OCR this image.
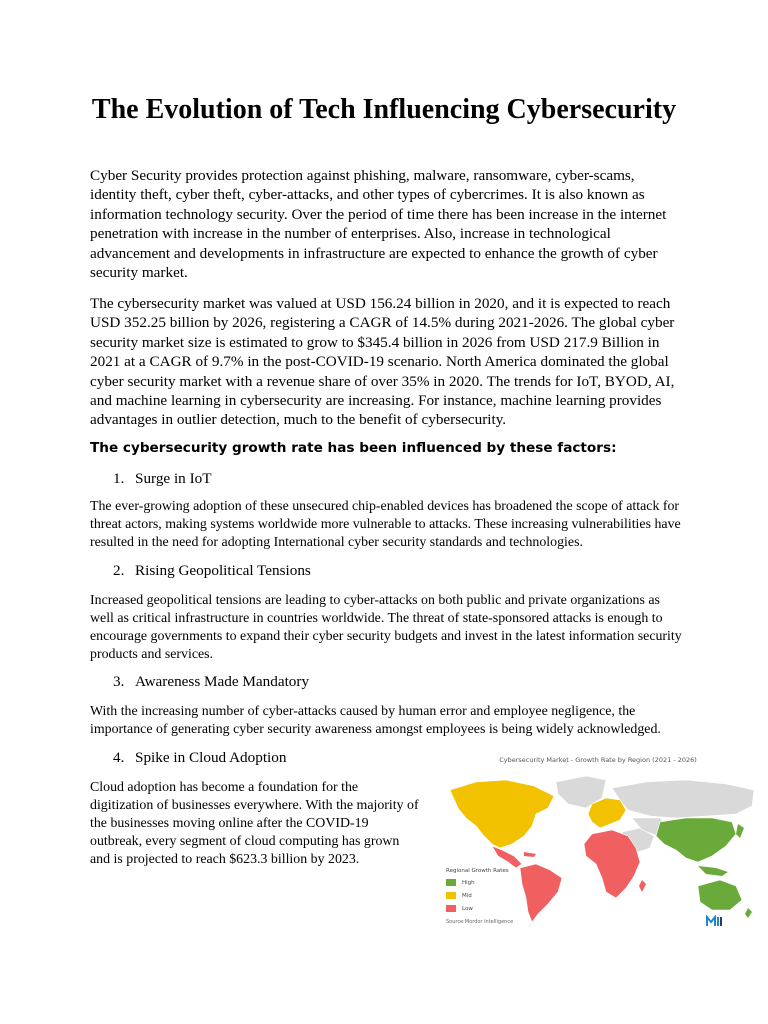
The Evolution of Tech Influencing Cybersecurity

Cyber Security provides protection against phishing, malware, ransomware, cyber-scams, identity theft, cyber theft, cyber-attacks, and other types of cybercrimes. It is also known as information technology security. Over the period of time there has been increase in the internet penetration with increase in the number of enterprises. Also, increase in technological advancement and developments in infrastructure are expected to enhance the growth of cyber security market.

The cybersecurity market was valued at USD 156.24 billion in 2020, and it is expected to reach USD 352.25 billion by 2026, registering a CAGR of 14.5% during 2021-2026. The global cyber security market size is estimated to grow to $345.4 billion in 2026 from USD 217.9 Billion in 2021 at a CAGR of 9.7% in the post-COVID-19 scenario. North America dominated the global cyber security market with a revenue share of over 35% in 2020. The trends for IoT, BYOD, AI, and machine learning in cybersecurity are increasing. For instance, machine learning provides advantages in outlier detection, much to the benefit of cybersecurity.

The cybersecurity growth rate has been influenced by these factors:

1. Surge in IoT

The ever-growing adoption of these unsecured chip-enabled devices has broadened the scope of attack for threat actors, making systems worldwide more vulnerable to attacks. These increasing vulnerabilities have resulted in the need for adopting International cyber security standards and technologies.

2. Rising Geopolitical Tensions

Increased geopolitical tensions are leading to cyber-attacks on both public and private organizations as well as critical infrastructure in countries worldwide. The threat of state-sponsored attacks is enough to encourage governments to expand their cyber security budgets and invest in the latest information security products and services.

3. Awareness Made Mandatory

With the increasing number of cyber-attacks caused by human error and employee negligence, the importance of generating cyber security awareness amongst employees is being widely acknowledged.

4. Spike in Cloud Adoption

Cloud adoption has become a foundation for the digitization of businesses everywhere. With the majority of the businesses moving online after the COVID-19 outbreak, every segment of cloud computing has grown and is projected to reach $623.3 billion by 2023.

Cybersecurity Market - Growth Rate by Region (2021 - 2026)
Regional Growth Rates
High
Mid
Low
Source:Mordor Intelligence
